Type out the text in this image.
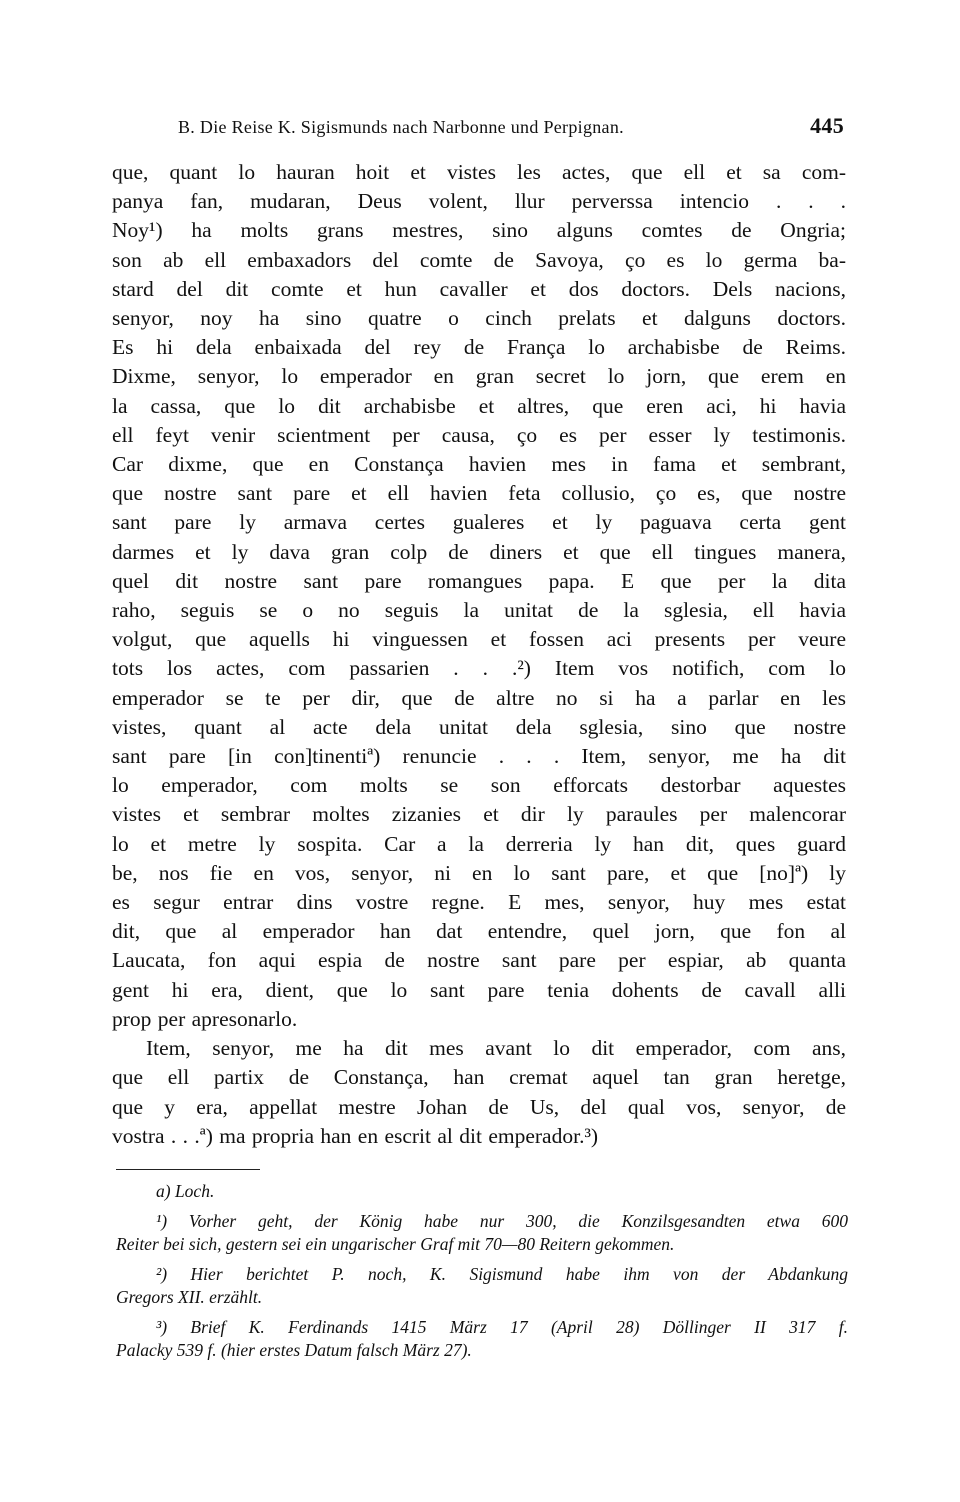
B. Die Reise K. Sigismunds nach Narbonne und Perpignan.	445
que, quant lo hauran hoit et vistes les actes, que ell et sa com-
panya fan, mudaran, Deus volent, llur perverssa intencio . . .
Noy¹) ha molts grans mestres, sino alguns comtes de Ongria;
son ab ell embaxadors del comte de Savoya, ço es lo germa ba-
stard del dit comte et hun cavaller et dos doctors. Dels nacions,
senyor, noy ha sino quatre o cinch prelats et dalguns doctors.
Es hi dela enbaixada del rey de França lo archabisbe de Reims.
Dixme, senyor, lo emperador en gran secret lo jorn, que erem en
la cassa, que lo dit archabisbe et altres, que eren aci, hi havia
ell feyt venir scientment per causa, ço es per esser ly testimonis.
Car dixme, que en Constança havien mes in fama et sembrant,
que nostre sant pare et ell havien feta collusio, ço es, que nostre
sant pare ly armava certes gualeres et ly paguava certa gent
darmes et ly dava gran colp de diners et que ell tingues manera,
quel dit nostre sant pare romangues papa. E que per la dita
raho, seguis se o no seguis la unitat de la sglesia, ell havia
volgut, que aquells hi vinguessen et fossen aci presents per veure
tots los actes, com passarien . . .²) Item vos notifich, com lo
emperador se te per dir, que de altre no si ha a parlar en les
vistes, quant al acte dela unitat dela sglesia, sino que nostre
sant pare [in con]tinentiª) renuncie . . . Item, senyor, me ha dit
lo emperador, com molts se son efforcats destorbar aquestes
vistes et sembrar moltes zizanies et dir ly paraules per malencorar
lo et metre ly sospita. Car a la derreria ly han dit, ques guard
be, nos fie en vos, senyor, ni en lo sant pare, et que [no]ª) ly
es segur entrar dins vostre regne. E mes, senyor, huy mes estat
dit, que al emperador han dat entendre, quel jorn, que fon al
Laucata, fon aqui espia de nostre sant pare per espiar, ab quanta
gent hi era, dient, que lo sant pare tenia dohents de cavall alli
prop per apresonarlo.
Item, senyor, me ha dit mes avant lo dit emperador, com ans,
que ell partix de Constança, han cremat aquel tan gran heretge,
que y era, appellat mestre Johan de Us, del qual vos, senyor, de
vostra . . .ª) ma propria han en escrit al dit emperador.³)
a) Loch.
¹) Vorher geht, der König habe nur 300, die Konzilsgesandten etwa 600
Reiter bei sich, gestern sei ein ungarischer Graf mit 70—80 Reitern gekommen.
²) Hier berichtet P. noch, K. Sigismund habe ihm von der Abdankung
Gregors XII. erzählt.
³) Brief K. Ferdinands 1415 März 17 (April 28) Döllinger II 317 f.
Palacky 539 f. (hier erstes Datum falsch März 27).
